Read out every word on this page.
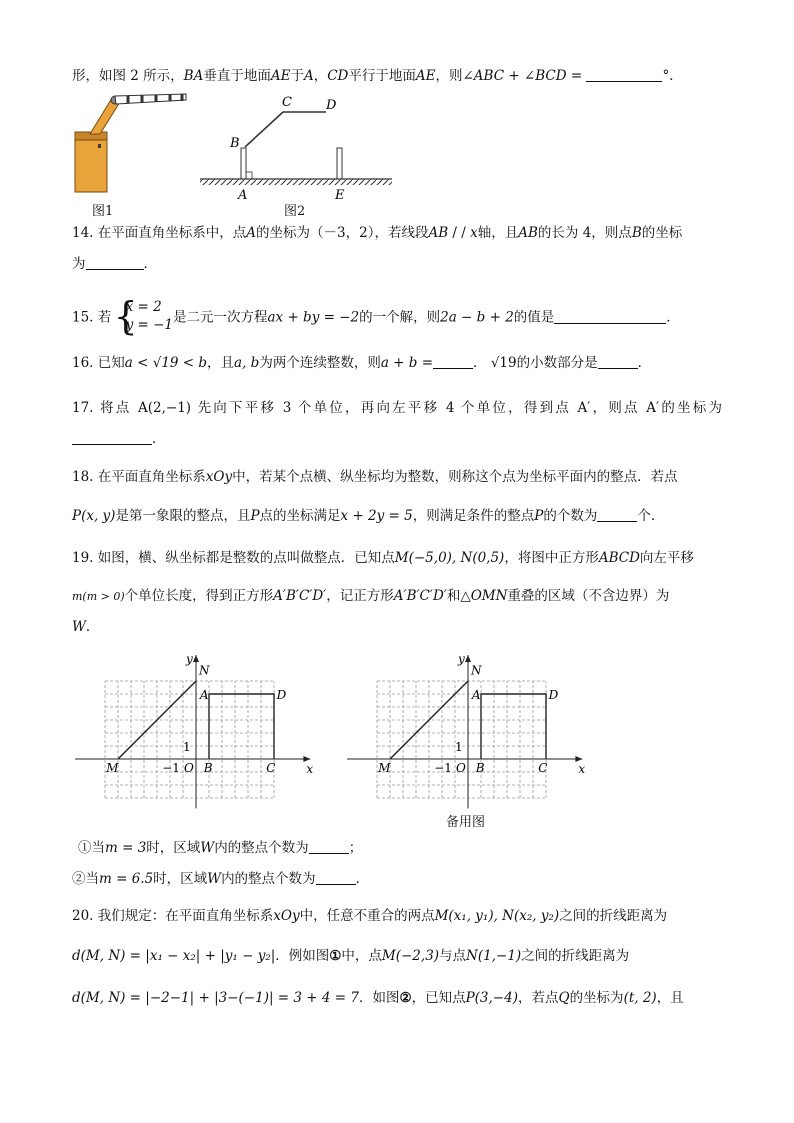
形，如图 2 所示，BA垂直于地面AE于A，CD平行于地面AE，则∠ABC + ∠BCD =	°．
图1
B
C	D
A	E
图2
14. 在平面直角坐标系中，点A的坐标为（－3，2），若线段AB / / x轴，且AB的长为 4，则点B的坐标
为	．
15. 若
{ x = 2
y = −1 是二元一次方程ax + by = −2的一个解，则2a − b + 2的值是	．
16. 已知a < √19 < b，且a, b为两个连续整数，则a + b =	． √19的小数部分是	．
17. 将点 A(2,−1) 先向下平移 3 个单位，再向左平移 4 个单位，得到点 A′，则点 A′的坐标为
．
18. 在平面直角坐标系xOy中，若某个点横、纵坐标均为整数，则称这个点为坐标平面内的整点．若点
P(x, y)是第一象限的整点，且P点的坐标满足x + 2y = 5，则满足条件的整点P的个数为	个．
19. 如图，横、纵坐标都是整数的点叫做整点．已知点M(−5,0), N(0,5)，将图中正方形ABCD向左平移
m(m > 0)个单位长度，得到正方形A′B′C′D′，记正方形A′B′C′D′和△OMN重叠的区域（不含边界）为
W．
y
x
N
A	D
1
M	−1 O B	C
y
x
N
A	D
1
M	−1 O B	C
备用图
①当m = 3时，区域W内的整点个数为	；
②当m = 6.5时，区域W内的整点个数为	．
20. 我们规定：在平面直角坐标系xOy中，任意不重合的两点M(x₁, y₁), N(x₂, y₂)之间的折线距离为
d(M, N) = |x₁ − x₂| + |y₁ − y₂|．例如图①中，点M(−2,3)与点N(1,−1)之间的折线距离为
d(M, N) = |−2−1| + |3−(−1)| = 3 + 4 = 7．如图②，已知点P(3,−4)，若点Q的坐标为(t, 2)，且
